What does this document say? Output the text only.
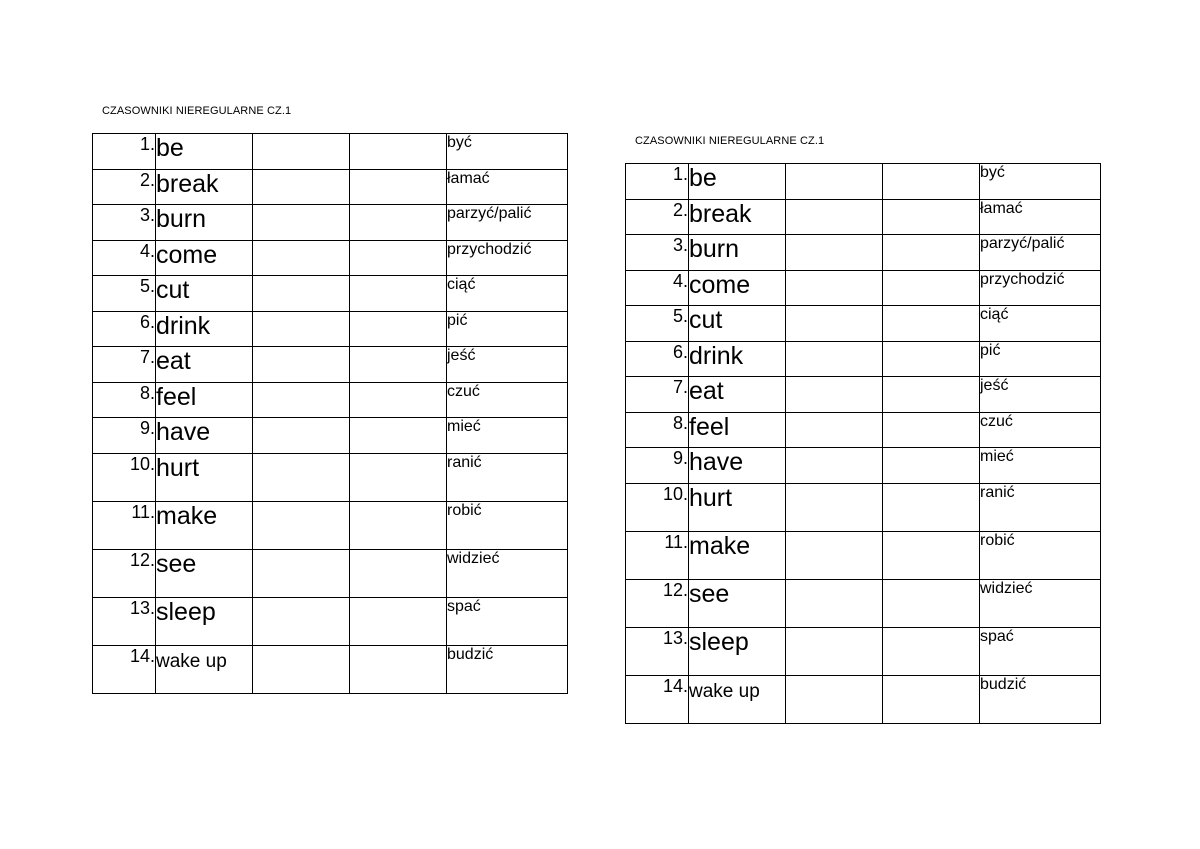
CZASOWNIKI NIEREGULARNE CZ.1
1.	be			być
2.	break			łamać
3.	burn			parzyć/palić
4.	come			przychodzić
5.	cut			ciąć
6.	drink			pić
7.	eat			jeść
8.	feel			czuć
9.	have			mieć
10.	hurt			ranić
11.	make			robić
12.	see			widzieć
13.	sleep			spać
14.	wake up			budzić
CZASOWNIKI NIEREGULARNE CZ.1
1.	be			być
2.	break			łamać
3.	burn			parzyć/palić
4.	come			przychodzić
5.	cut			ciąć
6.	drink			pić
7.	eat			jeść
8.	feel			czuć
9.	have			mieć
10.	hurt			ranić
11.	make			robić
12.	see			widzieć
13.	sleep			spać
14.	wake up			budzić
